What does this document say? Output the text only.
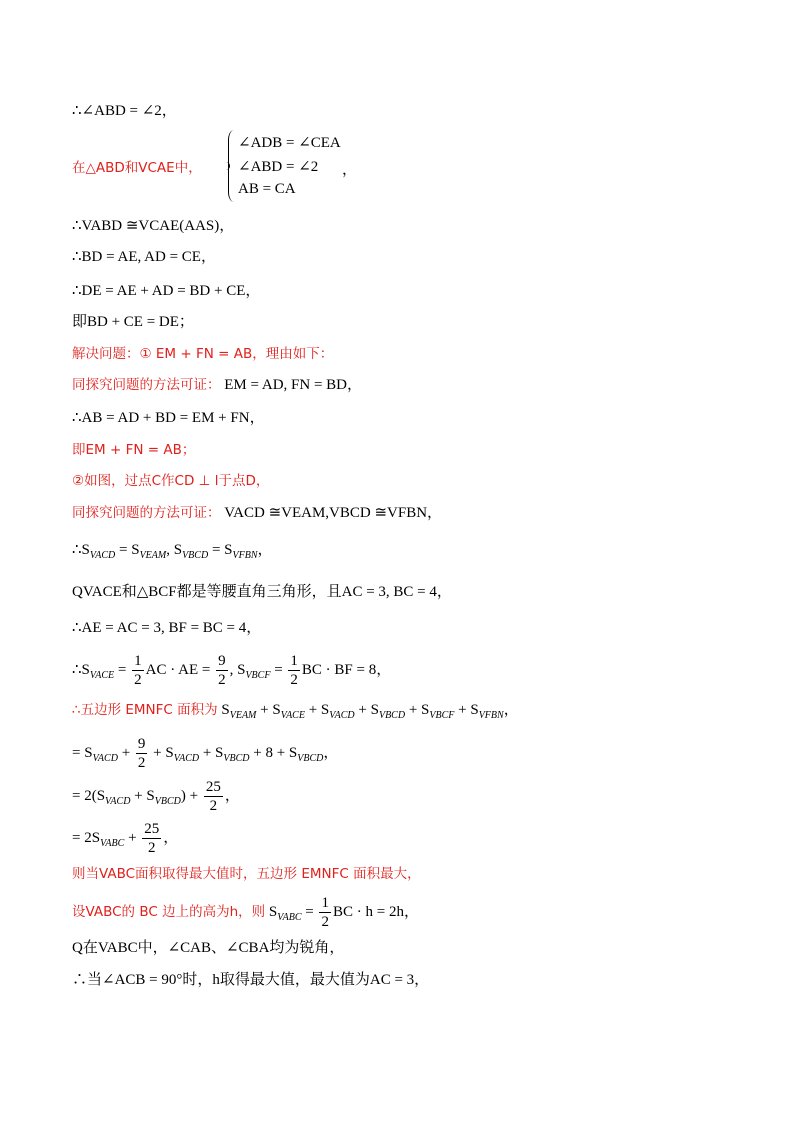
∴∠ABD = ∠2，
在△ABD和VCAE中，
∠ADB = ∠CEA
∠ABD = ∠2
AB = CA
，
∴VABD ≅VCAE(AAS)，
∴BD = AE, AD = CE，
∴DE = AE + AD = BD + CE，
即BD + CE = DE；
解决问题：① EM + FN = AB，理由如下：
同探究问题的方法可证： EM = AD, FN = BD，
∴AB = AD + BD = EM + FN，
即EM + FN = AB；
②如图，过点C作CD ⊥ l于点D，
同探究问题的方法可证： VACD ≅VEAM,VBCD ≅VFBN，
$\therefore S_{VACD} = S_{VEAM}$, $S_{VBCD} = S_{VFBN}$，
QVACE和△BCF都是等腰直角三角形，且AC = 3, BC = 4，
∴AE = AC = 3, BF = BC = 4，
$\therefore S_{VACE} = \frac{1}{2}$ AC · AE = $\frac{9}{2}$ , $S_{VBCF} = \frac{1}{2}$ BC · BF = 8，
∴五边形 EMNFC 面积为 $S_{VEAM} + S_{VACE} + S_{VACD} + S_{VBCD} + S_{VBCF} + S_{VFBN}$，
= $S_{VACD} + \frac{9}{2} + S_{VACD} + S_{VBCD} + 8 + S_{VBCD}$，
= $2(S_{VACD} + S_{VBCD}) + \frac{25}{2}$ ，
= $2S_{VABC} + \frac{25}{2}$ ，
则当VABC面积取得最大值时，五边形 EMNFC 面积最大，
设VABC的 BC 边上的高为h，则 $S_{VABC} = \frac{1}{2}$ BC · h = 2h，
Q在VABC中，∠CAB、∠CBA均为锐角，
∴当∠ACB = 90°时，h取得最大值，最大值为AC = 3，
